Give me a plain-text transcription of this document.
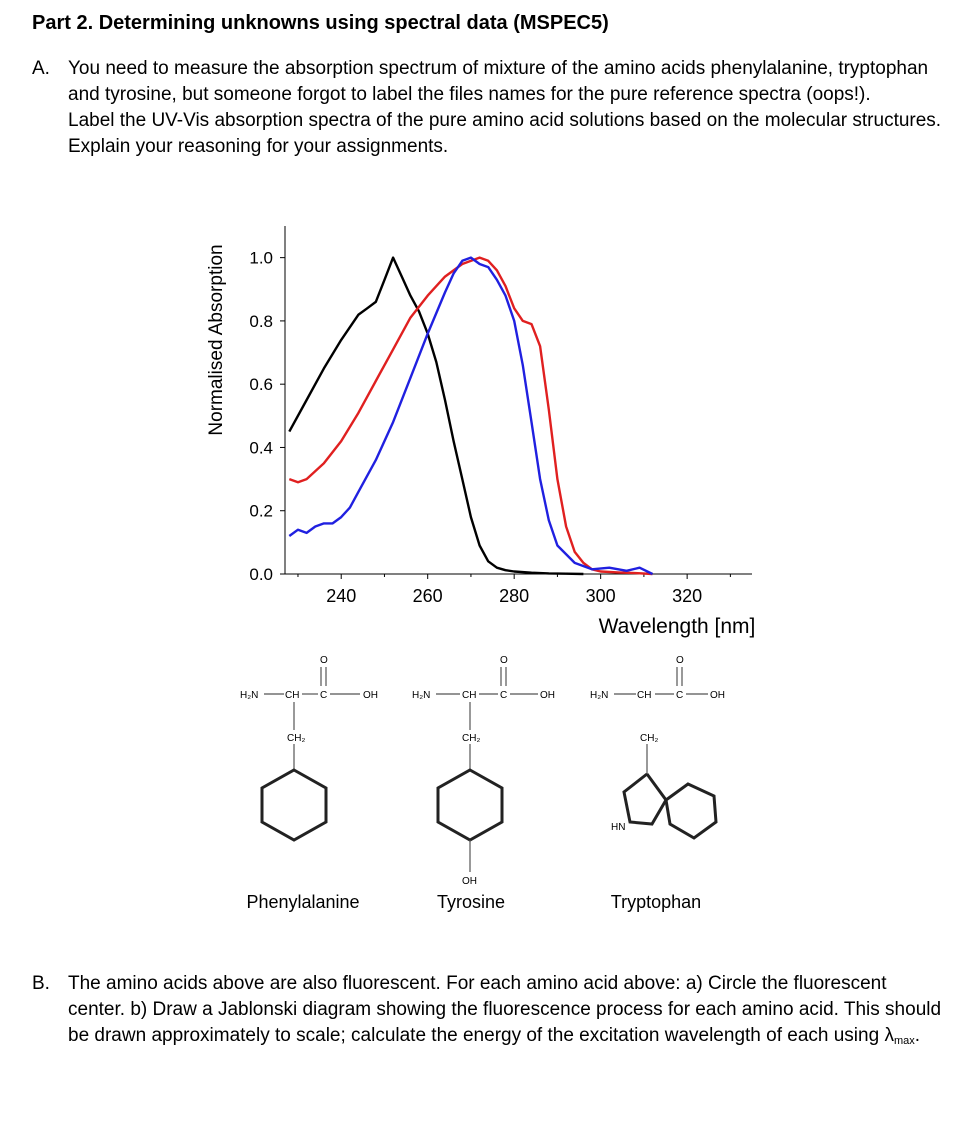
Part 2. Determining unknowns using spectral data (MSPEC5)
A. You need to measure the absorption spectrum of mixture of the amino acids phenylalanine, tryptophan and tyrosine, but someone forgot to label the files names for the pure reference spectra (oops!).
Label the UV-Vis absorption spectra of the pure amino acid solutions based on the molecular structures. Explain your reasoning for your assignments.
0.0
0.2
0.4
0.6
0.8
1.0
240	260	280	300	320
Normalised Absorption
Wavelength [nm]
H₂N	CH C	OH
O
CH₂
Phenylalanine
H₂N	CH C	OH
O
CH₂
OH
Tyrosine
H₂N	CH C	OH
O
CH₂
HN
Tryptophan
B. The amino acids above are also fluorescent. For each amino acid above: a) Circle the fluorescent center. b) Draw a Jablonski diagram showing the fluorescence process for each amino acid. This should be drawn approximately to scale; calculate the energy of the excitation wavelength of each using $\lambda_{max}$.
